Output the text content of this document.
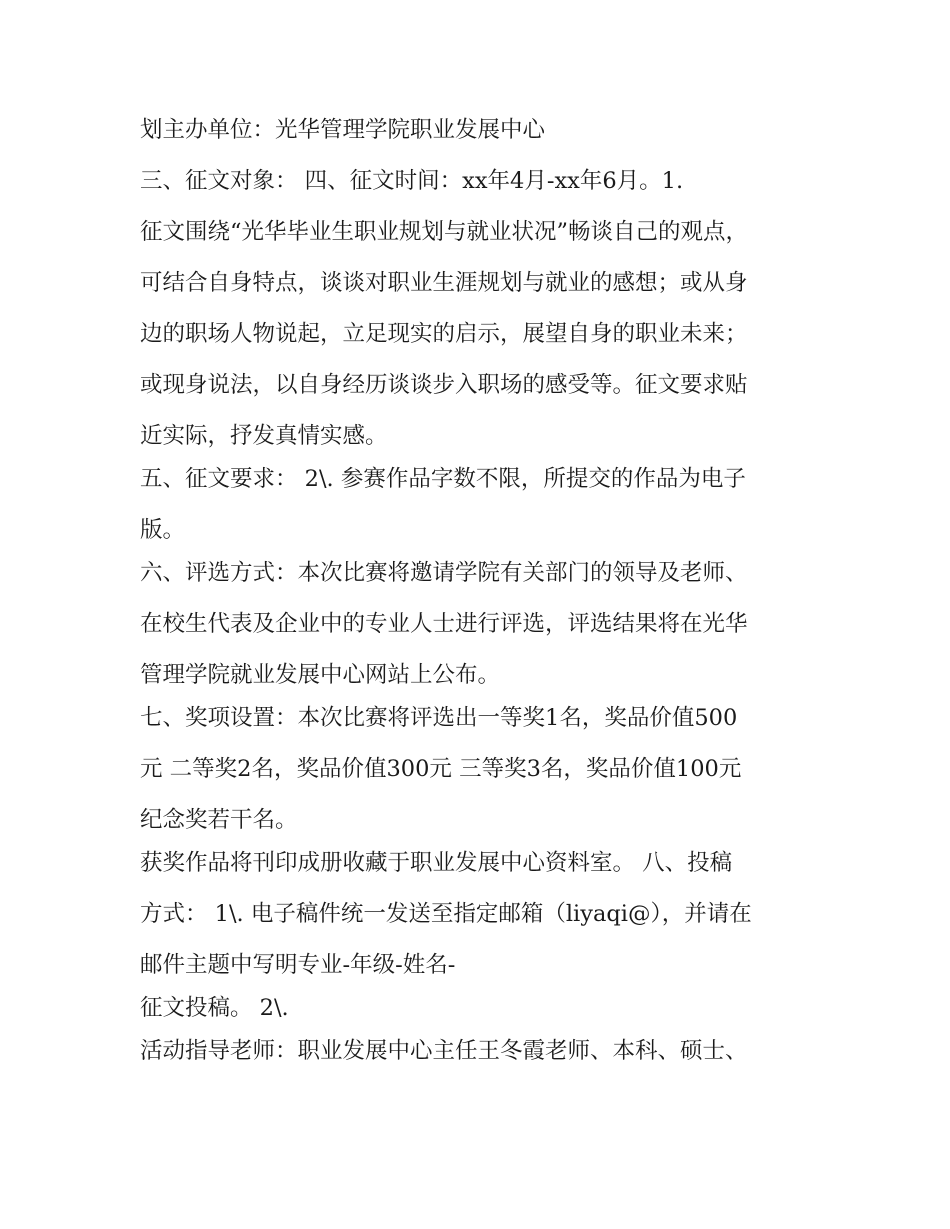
划主办单位：光华管理学院职业发展中心
三、征文对象： 四、征文时间：xx年4月-xx年6月。1.
征文围绕“光华毕业生职业规划与就业状况”畅谈自己的观点，
可结合自身特点，谈谈对职业生涯规划与就业的感想；或从身
边的职场人物说起，立足现实的启示，展望自身的职业未来；
或现身说法，以自身经历谈谈步入职场的感受等。征文要求贴
近实际，抒发真情实感。
五、征文要求： 2\. 参赛作品字数不限，所提交的作品为电子
版。
六、评选方式：本次比赛将邀请学院有关部门的领导及老师、
在校生代表及企业中的专业人士进行评选，评选结果将在光华
管理学院就业发展中心网站上公布。
七、奖项设置：本次比赛将评选出一等奖1名，奖品价值500
元 二等奖2名，奖品价值300元 三等奖3名，奖品价值100元
纪念奖若干名。
获奖作品将刊印成册收藏于职业发展中心资料室。 八、投稿
方式： 1\. 电子稿件统一发送至指定邮箱（liyaqi@），并请在
邮件主题中写明专业-年级-姓名-
征文投稿。 2\.
活动指导老师：职业发展中心主任王冬霞老师、本科、硕士、
